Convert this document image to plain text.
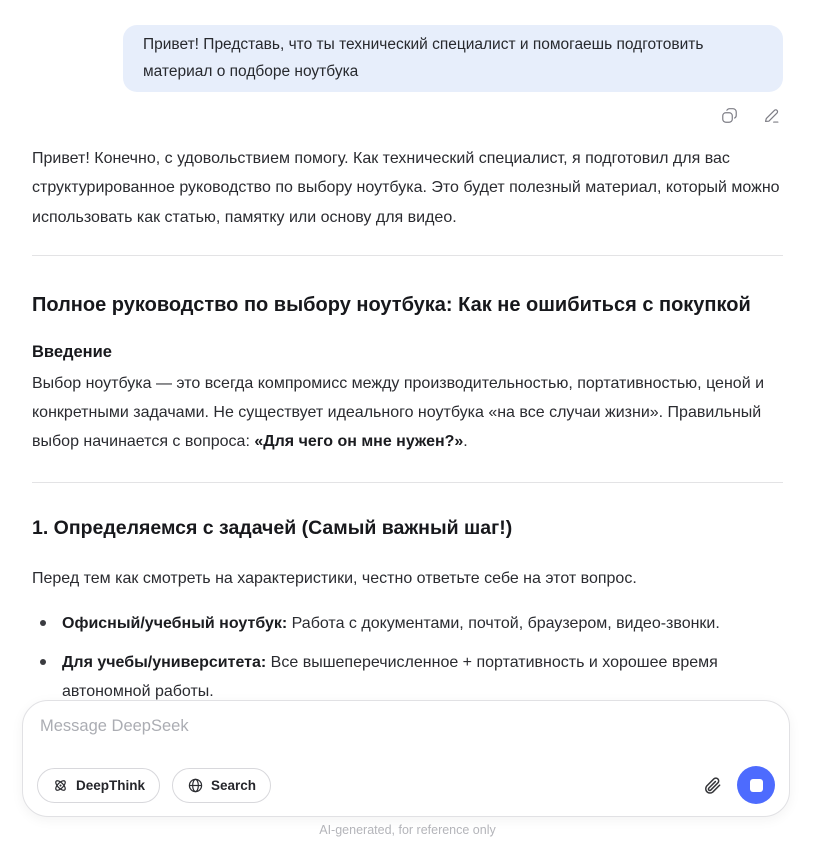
Привет! Представь, что ты технический специалист и помогаешь подготовить материал о подборе ноутбука

Привет! Конечно, с удовольствием помогу. Как технический специалист, я подготовил для вас структурированное руководство по выбору ноутбука. Это будет полезный материал, который можно использовать как статью, памятку или основу для видео.

Полное руководство по выбору ноутбука: Как не ошибиться с покупкой
Введение

Выбор ноутбука — это всегда компромисс между производительностью, портативностью, ценой и конкретными задачами. Не существует идеального ноутбука «на все случаи жизни». Правильный выбор начинается с вопроса: «Для чего он мне нужен?».

1. Определяемся с задачей (Самый важный шаг!)

Перед тем как смотреть на характеристики, честно ответьте себе на этот вопрос.

Офисный/учебный ноутбук: Работа с документами, почтой, браузером, видео-звонки.
Для учебы/университета: Все вышеперечисленное + портативность и хорошее время автономной работы.
Message DeepSeek
DeepThink	Search
AI-generated, for reference only
